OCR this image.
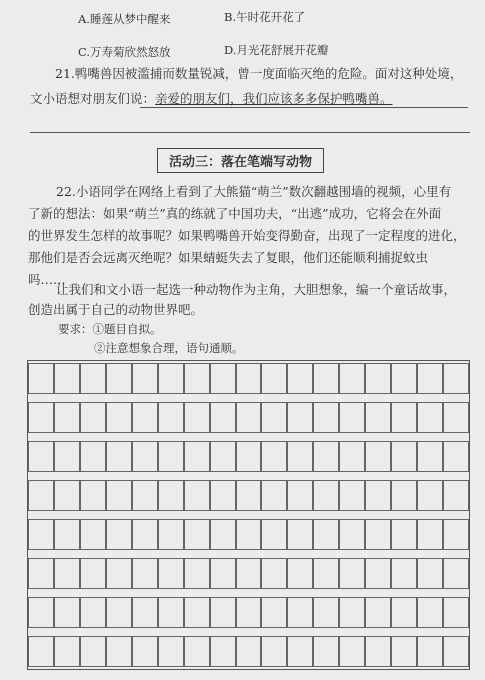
A.睡莲从梦中醒来	B.午时花开花了
C.万寿菊欣然怒放	D.月光花舒展开花瓣
21.鸭嘴兽因被滥捕而数量锐减，曾一度面临灭绝的危险。面对这种处境，
文小语想对朋友们说：亲爱的朋友们，我们应该多多保护鸭嘴兽。
活动三：落在笔端写动物
22.小语同学在网络上看到了大熊猫“萌兰”数次翻越围墙的视频，心里有
了新的想法：如果“萌兰”真的练就了中国功夫，“出逃”成功，它将会在外面
的世界发生怎样的故事呢？如果鸭嘴兽开始变得勤奋，出现了一定程度的进化，
那他们是否会远离灭绝呢？如果蜻蜓失去了复眼，他们还能顺利捕捉蚊虫
吗……
让我们和文小语一起选一种动物作为主角，大胆想象，编一个童话故事，
创造出属于自己的动物世界吧。
要求：①题目自拟。
②注意想象合理，语句通顺。
